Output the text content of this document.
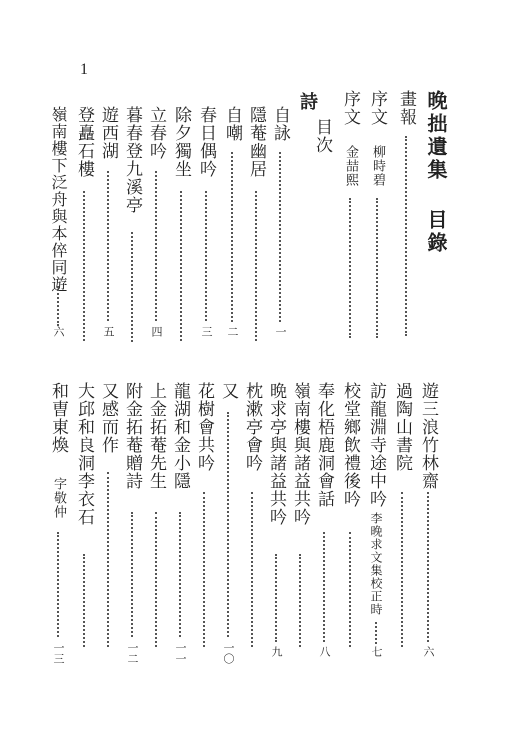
1
晚拙遺集 目錄
畫報
序文
柳時碧
序文
金喆熙
目次
詩
自詠
一
隱菴幽居
自嘲
二
春日偶吟
三
除夕獨坐
立春吟
四
暮春登九溪亭
遊西湖
五
登矗石樓
嶺南樓下泛舟與本倅同遊
六
遊三浪竹林齋
六
過陶山書院
訪龍淵寺途中吟
李晚求文集校正時
七
校堂鄉飲禮後吟
奉化梧鹿洞會話
八
嶺南樓與諸益共吟
晩求亭與諸益共吟
九
枕漱亭會吟
又
一〇
花樹會共吟
龍湖和金小隱
一一
上金拓菴先生
附金拓菴贈詩
一二
又感而作
大邱和良洞李衣石
和曺東煥
字敬仲
一三
